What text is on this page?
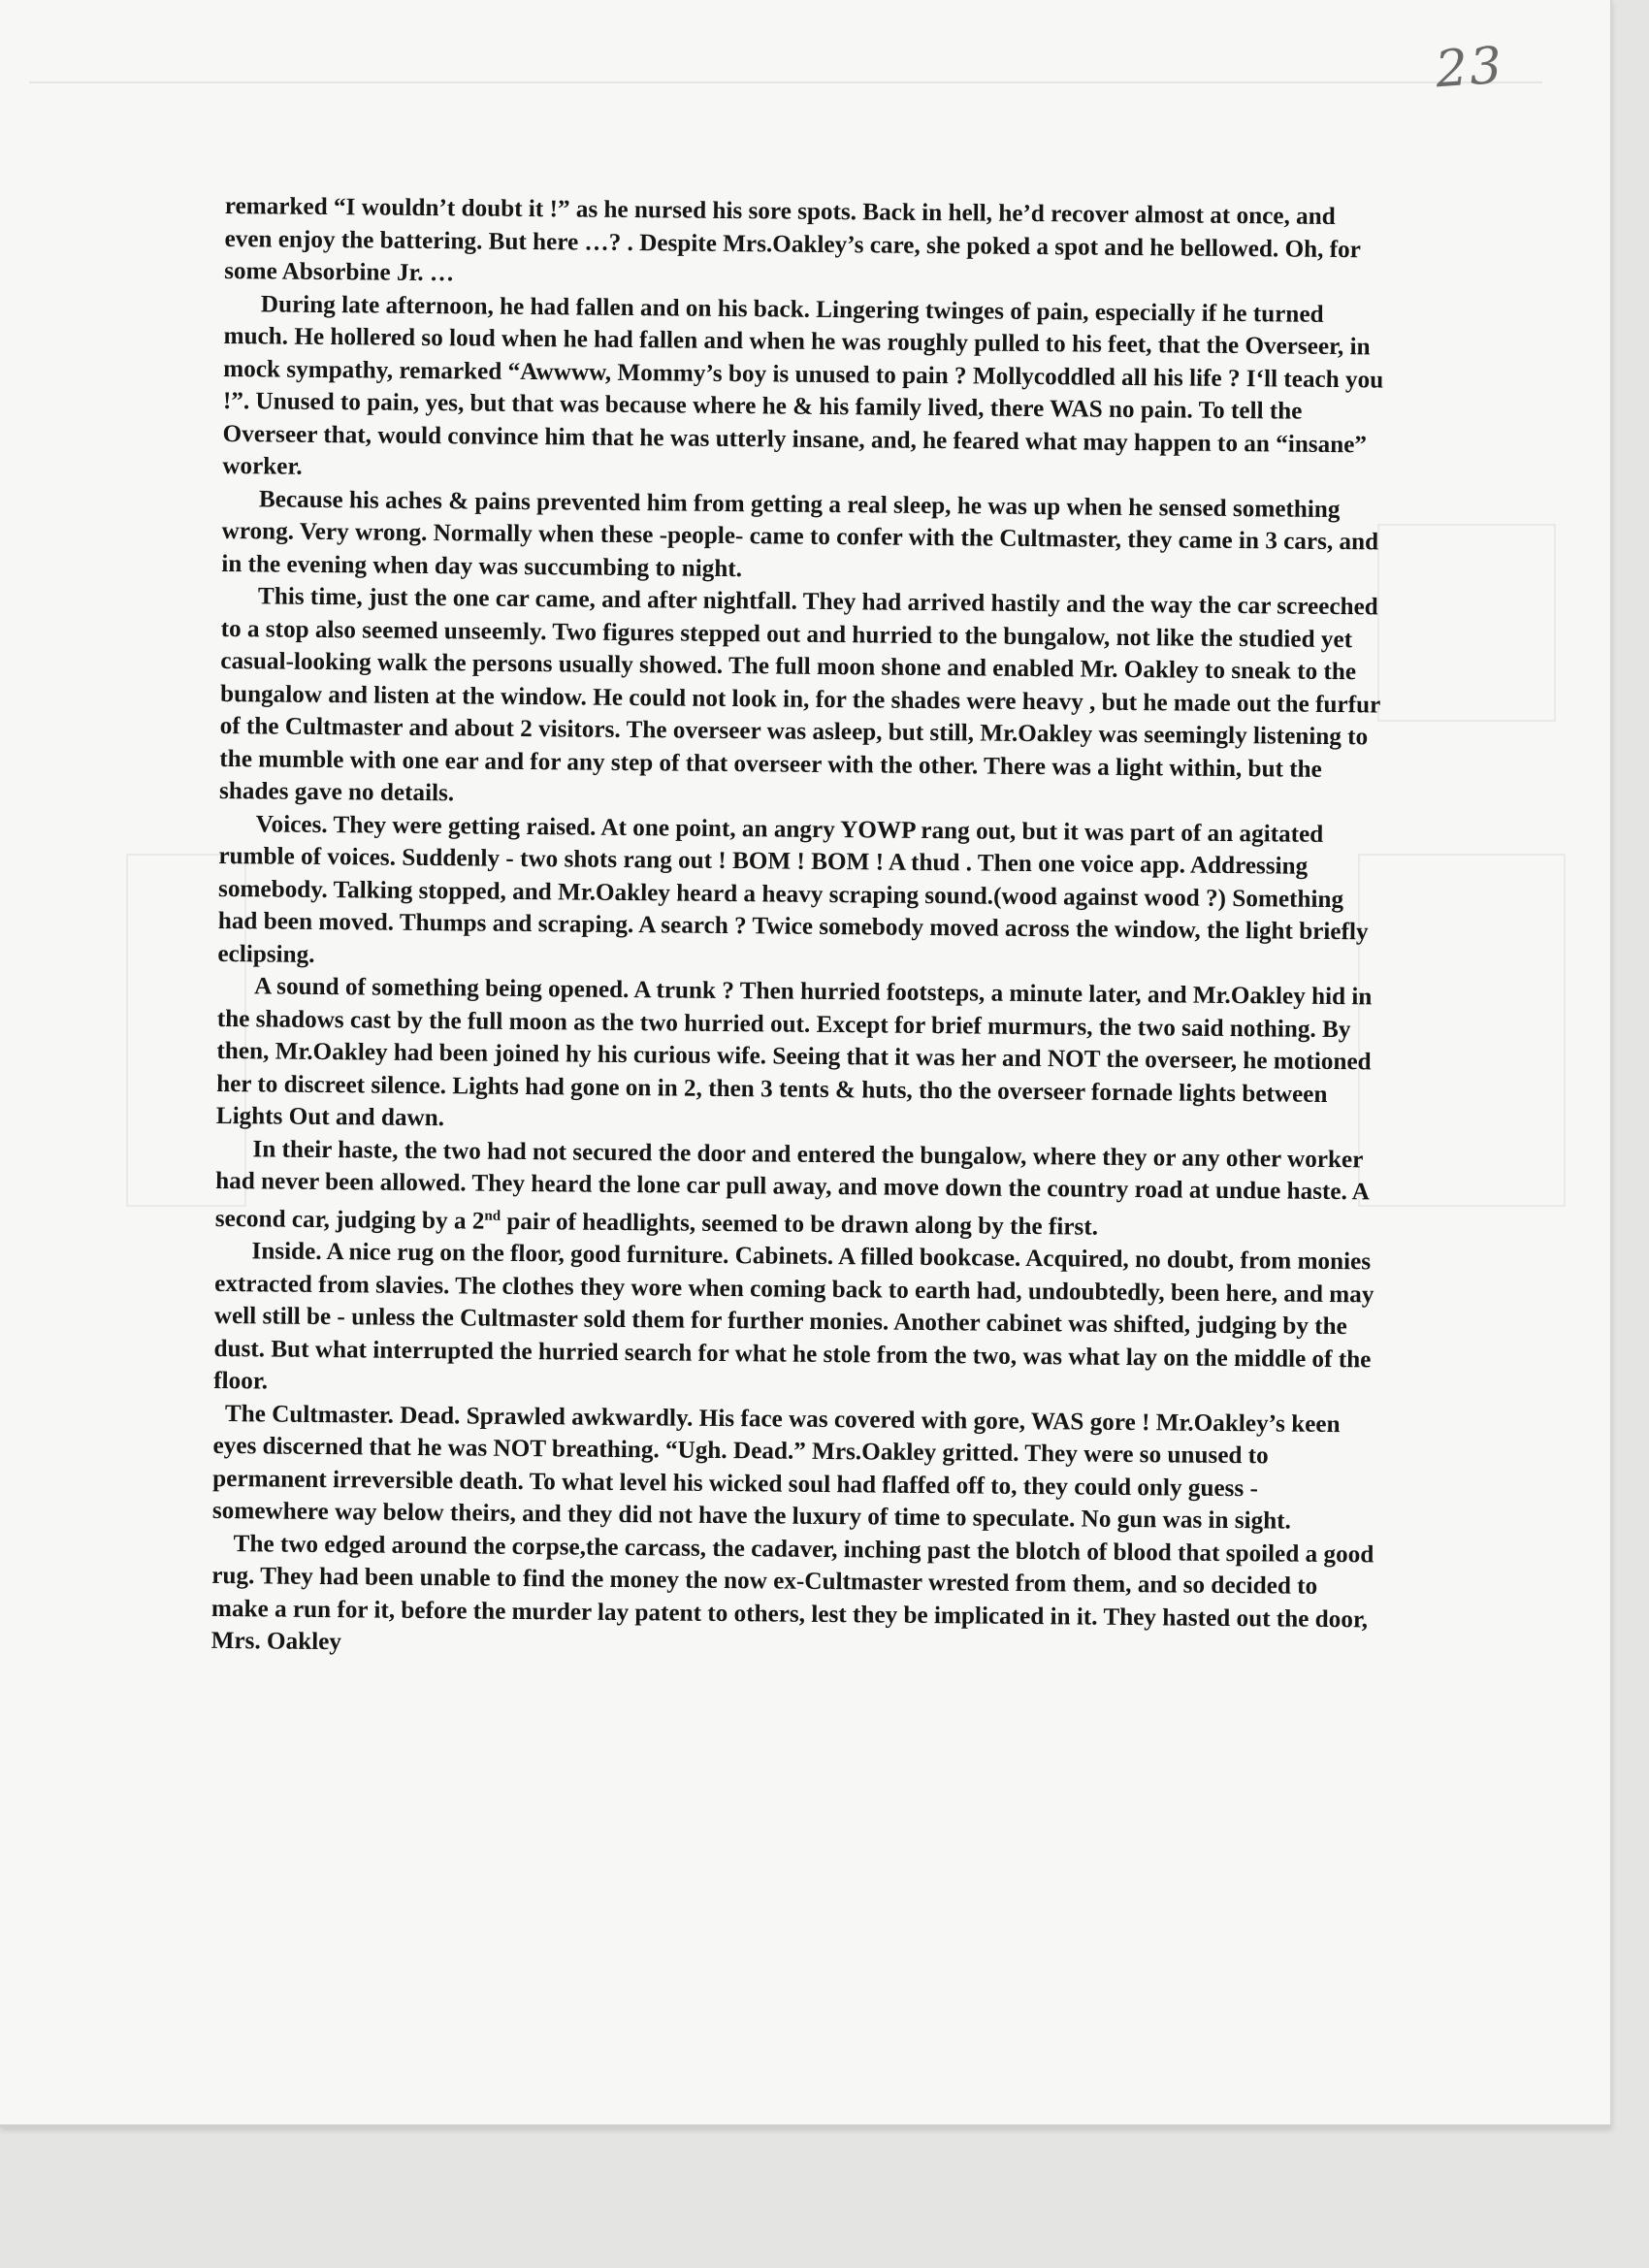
23

remarked “I wouldn’t doubt it !” as he nursed his sore spots. Back in hell, he’d recover almost at once, and even enjoy the battering. But here …? . Despite Mrs.Oakley’s care, she poked a spot and he bellowed. Oh, for some Absorbine Jr. …

During late afternoon, he had fallen and on his back. Lingering twinges of pain, especially if he turned much. He hollered so loud when he had fallen and when he was roughly pulled to his feet, that the Overseer, in mock sympathy, remarked “Awwww, Mommy’s boy is unused to pain ? Mollycoddled all his life ? I‘ll teach you !”. Unused to pain, yes, but that was because where he & his family lived, there WAS no pain. To tell the Overseer that, would convince him that he was utterly insane, and, he feared what may happen to an “insane” worker.

Because his aches & pains prevented him from getting a real sleep, he was up when he sensed something wrong. Very wrong. Normally when these -people- came to confer with the Cultmaster, they came in 3 cars, and in the evening when day was succumbing to night.

This time, just the one car came, and after nightfall. They had arrived hastily and the way the car screeched to a stop also seemed unseemly. Two figures stepped out and hurried to the bungalow, not like the studied yet casual-looking walk the persons usually showed. The full moon shone and enabled Mr. Oakley to sneak to the bungalow and listen at the window. He could not look in, for the shades were heavy , but he made out the furfur of the Cultmaster and about 2 visitors. The overseer was asleep, but still, Mr.Oakley was seemingly listening to the mumble with one ear and for any step of that overseer with the other. There was a light within, but the shades gave no details.

Voices. They were getting raised. At one point, an angry YOWP rang out, but it was part of an agitated rumble of voices. Suddenly - two shots rang out ! BOM ! BOM ! A thud . Then one voice app. Addressing somebody. Talking stopped, and Mr.Oakley heard a heavy scraping sound.(wood against wood ?) Something had been moved. Thumps and scraping. A search ? Twice somebody moved across the window, the light briefly eclipsing.

A sound of something being opened. A trunk ? Then hurried footsteps, a minute later, and Mr.Oakley hid in the shadows cast by the full moon as the two hurried out. Except for brief murmurs, the two said nothing. By then, Mr.Oakley had been joined hy his curious wife. Seeing that it was her and NOT the overseer, he motioned her to discreet silence. Lights had gone on in 2, then 3 tents & huts, tho the overseer fornade lights between Lights Out and dawn.

In their haste, the two had not secured the door and entered the bungalow, where they or any other worker had never been allowed. They heard the lone car pull away, and move down the country road at undue haste. A second car, judging by a 2nd pair of headlights, seemed to be drawn along by the first.

Inside. A nice rug on the floor, good furniture. Cabinets. A filled bookcase. Acquired, no doubt, from monies extracted from slavies. The clothes they wore when coming back to earth had, undoubtedly, been here, and may well still be - unless the Cultmaster sold them for further monies. Another cabinet was shifted, judging by the dust. But what interrupted the hurried search for what he stole from the two, was what lay on the middle of the floor.

The Cultmaster. Dead. Sprawled awkwardly. His face was covered with gore, WAS gore ! Mr.Oakley’s keen eyes discerned that he was NOT breathing. “Ugh. Dead.” Mrs.Oakley gritted. They were so unused to permanent irreversible death. To what level his wicked soul had flaffed off to, they could only guess - somewhere way below theirs, and they did not have the luxury of time to speculate. No gun was in sight.

The two edged around the corpse,the carcass, the cadaver, inching past the blotch of blood that spoiled a good rug. They had been unable to find the money the now ex-Cultmaster wrested from them, and so decided to make a run for it, before the murder lay patent to others, lest they be implicated in it. They hasted out the door, Mrs. Oakley
